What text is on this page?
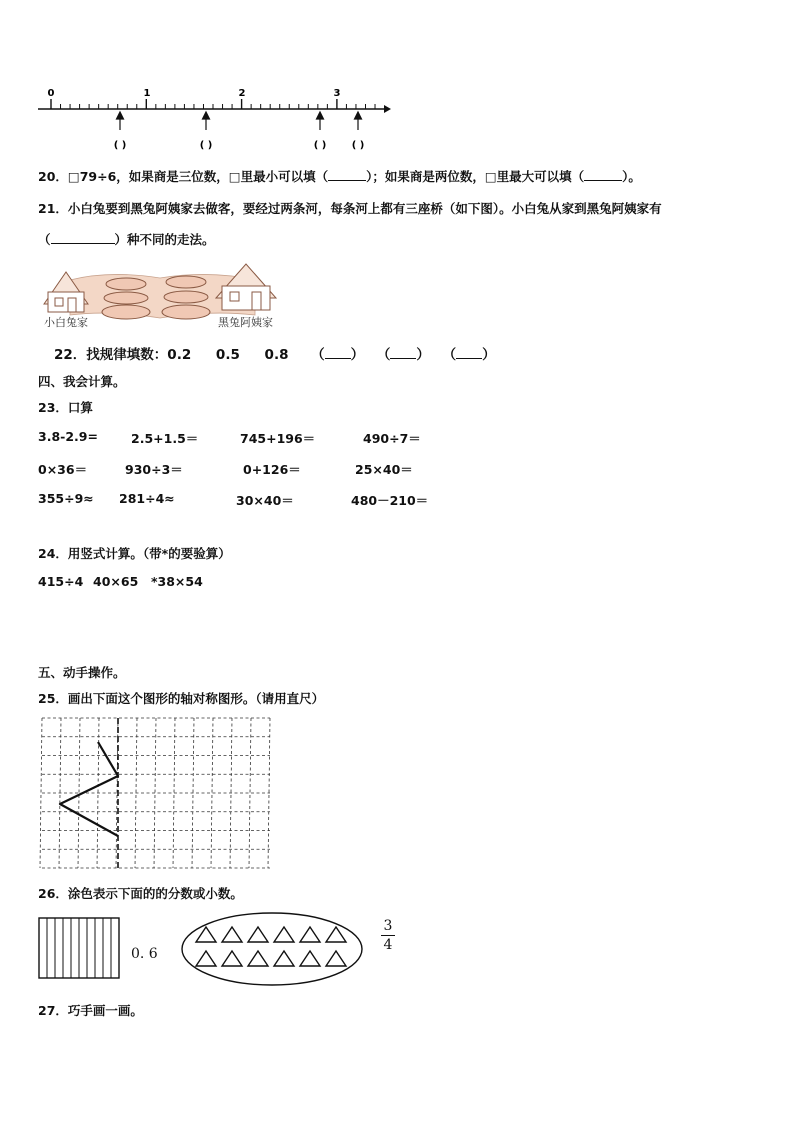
0	1	2	3
( )	( )	( )	( )
20．□79÷6，如果商是三位数，□里最小可以填（	）；如果商是两位数，□里最大可以填（	）。
21．小白兔要到黑兔阿姨家去做客，要经过两条河，每条河上都有三座桥（如下图）。小白兔从家到黑兔阿姨家有
（	）种不同的走法。
小白兔家	黑兔阿姨家
22．找规律填数：0.2 0.5 0.8 （ ） （ ） （ ）
四、我会计算。
23．口算
3.8-2.9=	2.5+1.5＝	745+196＝	490÷7＝
0×36＝	930÷3＝	0+126＝	25×40＝
355÷9≈ 281÷4≈	30×40＝	480－210＝
24．用竖式计算。（带*的要验算）
415÷4 40×65 *38×54
五、动手操作。
25．画出下面这个图形的轴对称图形。（请用直尺）
26．涂色表示下面的的分数或小数。
0. 6
3
4
27．巧手画一画。
